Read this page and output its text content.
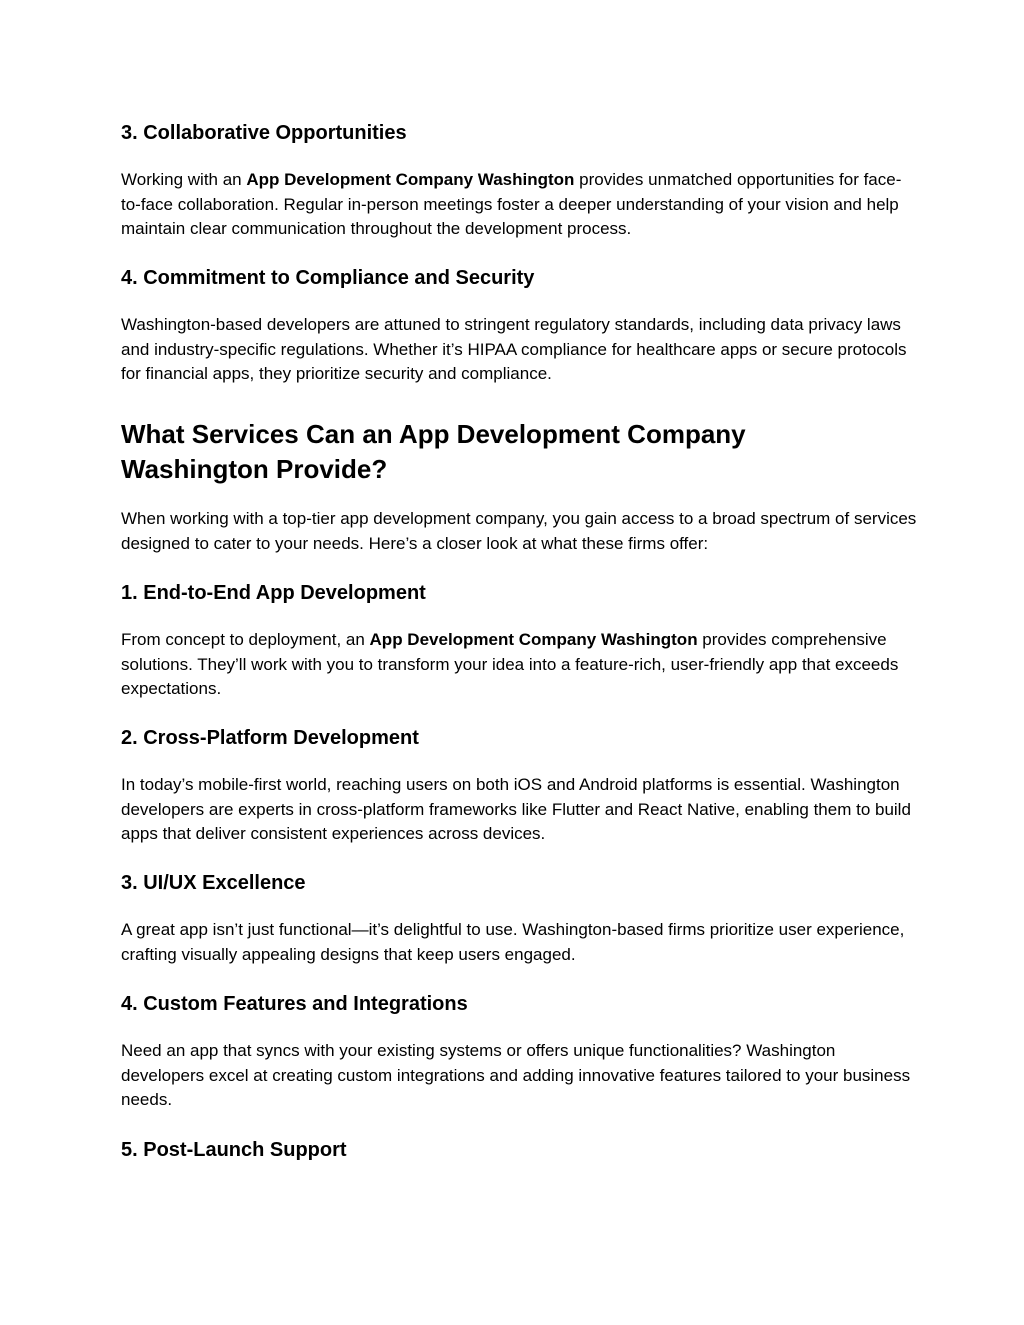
3. Collaborative Opportunities

Working with an App Development Company Washington provides unmatched opportunities for face-to-face collaboration. Regular in-person meetings foster a deeper understanding of your vision and help maintain clear communication throughout the development process.

4. Commitment to Compliance and Security

Washington-based developers are attuned to stringent regulatory standards, including data privacy laws and industry-specific regulations. Whether it’s HIPAA compliance for healthcare apps or secure protocols for financial apps, they prioritize security and compliance.

What Services Can an App Development Company
Washington Provide?

When working with a top-tier app development company, you gain access to a broad spectrum of services designed to cater to your needs. Here’s a closer look at what these firms offer:

1. End-to-End App Development

From concept to deployment, an App Development Company Washington provides comprehensive solutions. They’ll work with you to transform your idea into a feature-rich, user-friendly app that exceeds expectations.

2. Cross-Platform Development

In today’s mobile-first world, reaching users on both iOS and Android platforms is essential. Washington developers are experts in cross-platform frameworks like Flutter and React Native, enabling them to build apps that deliver consistent experiences across devices.

3. UI/UX Excellence

A great app isn’t just functional—it’s delightful to use. Washington-based firms prioritize user experience, crafting visually appealing designs that keep users engaged.

4. Custom Features and Integrations

Need an app that syncs with your existing systems or offers unique functionalities? Washington developers excel at creating custom integrations and adding innovative features tailored to your business needs.

5. Post-Launch Support
